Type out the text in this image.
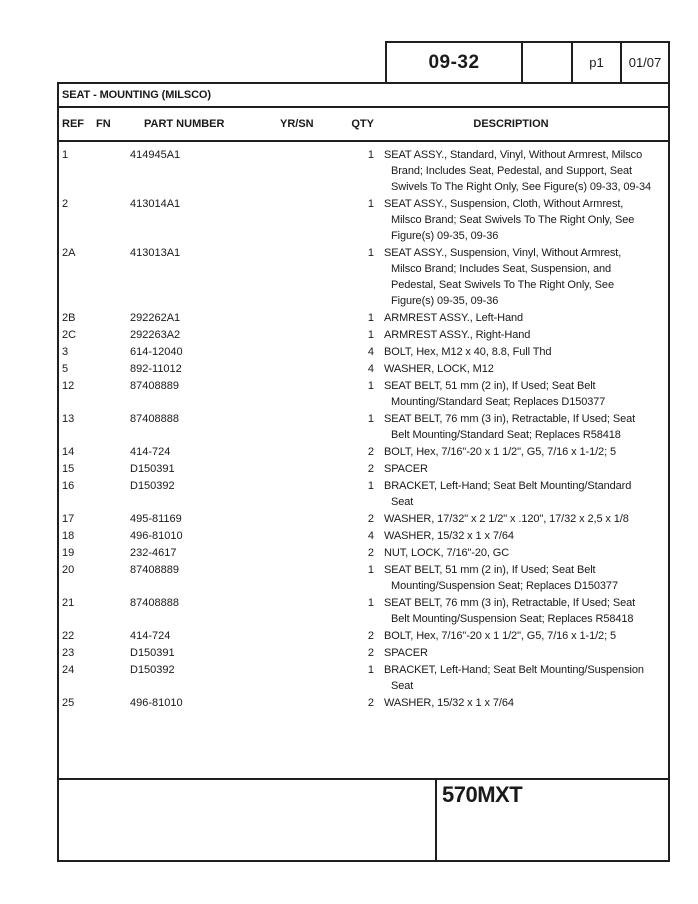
09-32	p1	01/07
SEAT - MOUNTING (MILSCO)
REF	FN	PART NUMBER	YR/SN	QTY	DESCRIPTION
1	414945A1	1 SEAT ASSY., Standard, Vinyl, Without Armrest, Milsco Brand; Includes Seat, Pedestal, and Support, Seat Swivels To The Right Only, See Figure(s) 09-33, 09-34
2	413014A1	1 SEAT ASSY., Suspension, Cloth, Without Armrest, Milsco Brand; Seat Swivels To The Right Only, See Figure(s) 09-35, 09-36
2A	413013A1	1 SEAT ASSY., Suspension, Vinyl, Without Armrest, Milsco Brand; Includes Seat, Suspension, and Pedestal, Seat Swivels To The Right Only, See Figure(s) 09-35, 09-36
2B	292262A1	1 ARMREST ASSY., Left-Hand
2C	292263A2	1 ARMREST ASSY., Right-Hand
3	614-12040	4 BOLT, Hex, M12 x 40, 8.8, Full Thd
5	892-11012	4 WASHER, LOCK, M12
12	87408889	1 SEAT BELT, 51 mm (2 in), If Used; Seat Belt Mounting/Standard Seat; Replaces D150377
13	87408888	1 SEAT BELT, 76 mm (3 in), Retractable, If Used; Seat Belt Mounting/Standard Seat; Replaces R58418
14	414-724	2 BOLT, Hex, 7/16"-20 x 1 1/2", G5, 7/16 x 1-1/2; 5
15	D150391	2 SPACER
16	D150392	1 BRACKET, Left-Hand; Seat Belt Mounting/Standard Seat
17	495-81169	2 WASHER, 17/32" x 2 1/2" x .120", 17/32 x 2,5 x 1/8
18	496-81010	4 WASHER, 15/32 x 1 x 7/64
19	232-4617	2 NUT, LOCK, 7/16"-20, GC
20	87408889	1 SEAT BELT, 51 mm (2 in), If Used; Seat Belt Mounting/Suspension Seat; Replaces D150377
21	87408888	1 SEAT BELT, 76 mm (3 in), Retractable, If Used; Seat Belt Mounting/Suspension Seat; Replaces R58418
22	414-724	2 BOLT, Hex, 7/16"-20 x 1 1/2", G5, 7/16 x 1-1/2; 5
23	D150391	2 SPACER
24	D150392	1 BRACKET, Left-Hand; Seat Belt Mounting/Suspension Seat
25	496-81010	2 WASHER, 15/32 x 1 x 7/64
570MXT
